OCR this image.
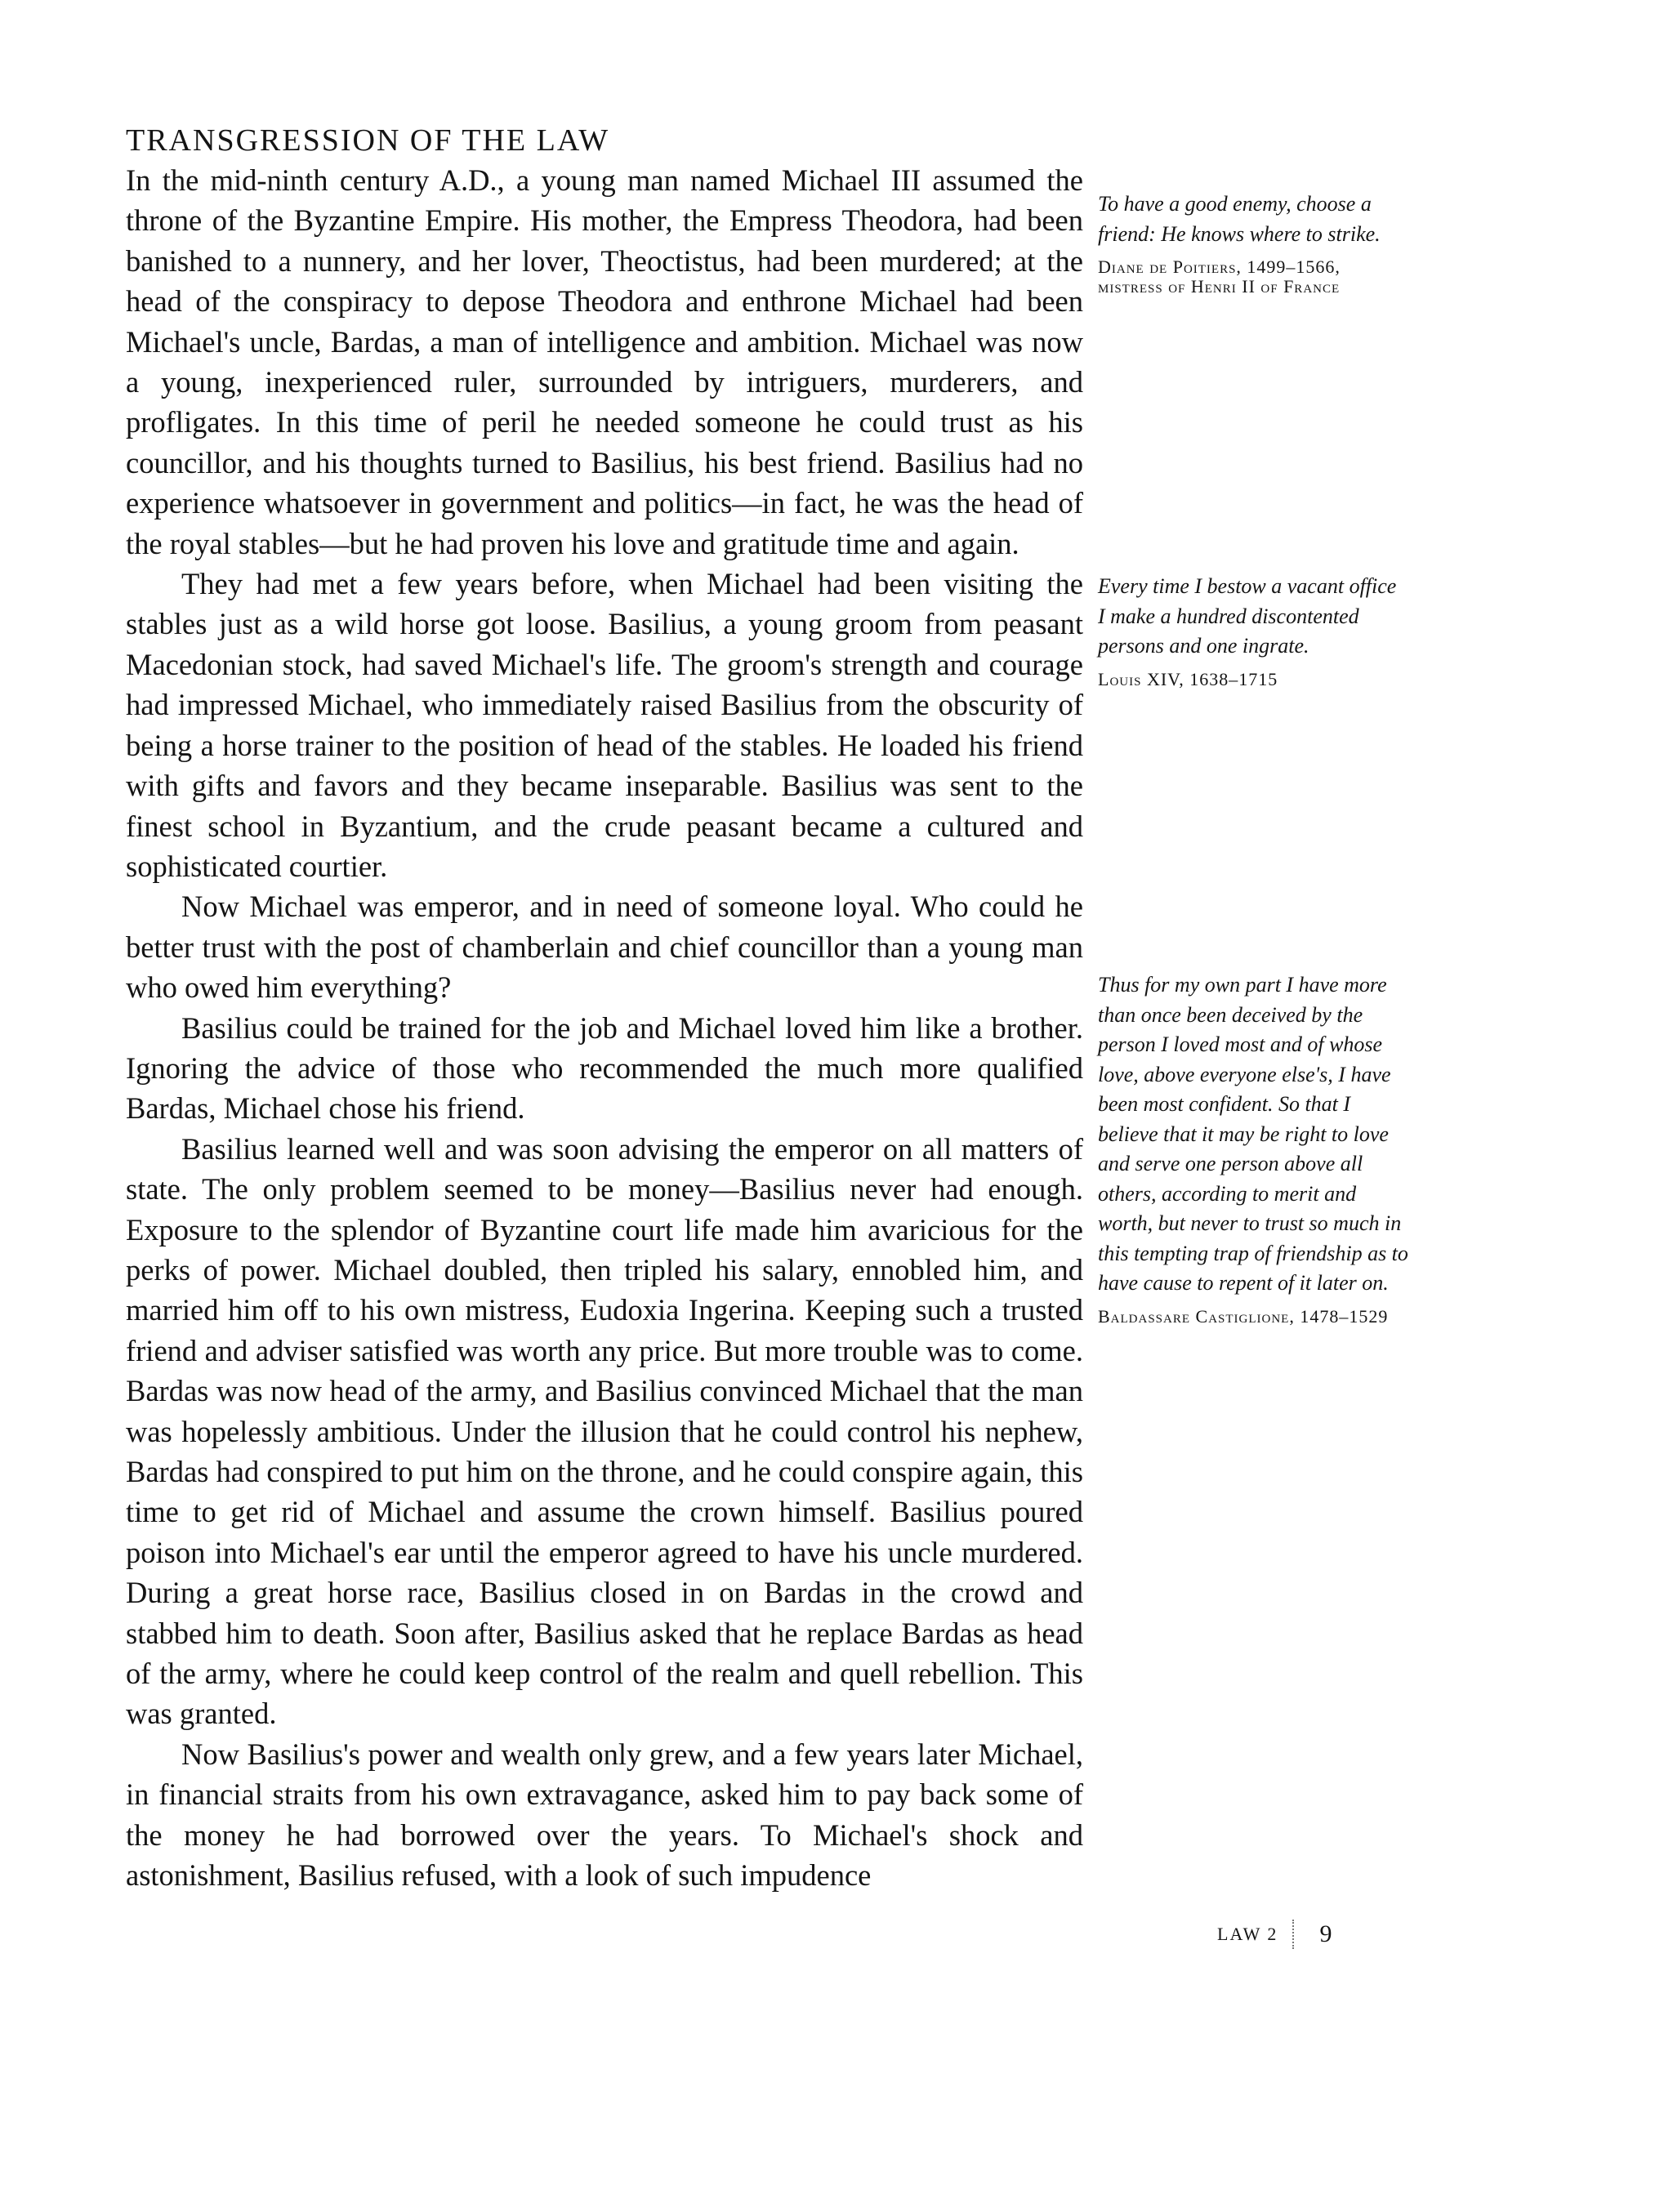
TRANSGRESSION OF THE LAW

In the mid-ninth century A.D., a young man named Michael III assumed the throne of the Byzantine Empire. His mother, the Empress Theodora, had been banished to a nunnery, and her lover, Theoctistus, had been murdered; at the head of the conspiracy to depose Theodora and enthrone Michael had been Michael's uncle, Bardas, a man of intelligence and ambition. Michael was now a young, inexperienced ruler, surrounded by intriguers, murderers, and profligates. In this time of peril he needed someone he could trust as his councillor, and his thoughts turned to Basilius, his best friend. Basilius had no experience whatsoever in government and politics—in fact, he was the head of the royal stables—but he had proven his love and gratitude time and again.

They had met a few years before, when Michael had been visiting the stables just as a wild horse got loose. Basilius, a young groom from peasant Macedonian stock, had saved Michael's life. The groom's strength and courage had impressed Michael, who immediately raised Basilius from the obscurity of being a horse trainer to the position of head of the stables. He loaded his friend with gifts and favors and they became inseparable. Basilius was sent to the finest school in Byzantium, and the crude peasant became a cultured and sophisticated courtier.

Now Michael was emperor, and in need of someone loyal. Who could he better trust with the post of chamberlain and chief councillor than a young man who owed him everything?

Basilius could be trained for the job and Michael loved him like a brother. Ignoring the advice of those who recommended the much more qualified Bardas, Michael chose his friend.

Basilius learned well and was soon advising the emperor on all matters of state. The only problem seemed to be money—Basilius never had enough. Exposure to the splendor of Byzantine court life made him avaricious for the perks of power. Michael doubled, then tripled his salary, ennobled him, and married him off to his own mistress, Eudoxia Ingerina. Keeping such a trusted friend and adviser satisfied was worth any price. But more trouble was to come. Bardas was now head of the army, and Basilius convinced Michael that the man was hopelessly ambitious. Under the illusion that he could control his nephew, Bardas had conspired to put him on the throne, and he could conspire again, this time to get rid of Michael and assume the crown himself. Basilius poured poison into Michael's ear until the emperor agreed to have his uncle murdered. During a great horse race, Basilius closed in on Bardas in the crowd and stabbed him to death. Soon after, Basilius asked that he replace Bardas as head of the army, where he could keep control of the realm and quell rebellion. This was granted.

Now Basilius's power and wealth only grew, and a few years later Michael, in financial straits from his own extravagance, asked him to pay back some of the money he had borrowed over the years. To Michael's shock and astonishment, Basilius refused, with a look of such impudence

To have a good enemy, choose a friend: He knows where to strike.

Diane de Poitiers, 1499–1566, mistress of Henri II of France

Every time I bestow a vacant office I make a hundred discontented persons and one ingrate.

Louis XIV, 1638–1715

Thus for my own part I have more than once been deceived by the person I loved most and of whose love, above everyone else's, I have been most confident. So that I believe that it may be right to love and serve one person above all others, according to merit and worth, but never to trust so much in this tempting trap of friendship as to have cause to repent of it later on.

Baldassare Castiglione, 1478–1529

LAW 2 9
